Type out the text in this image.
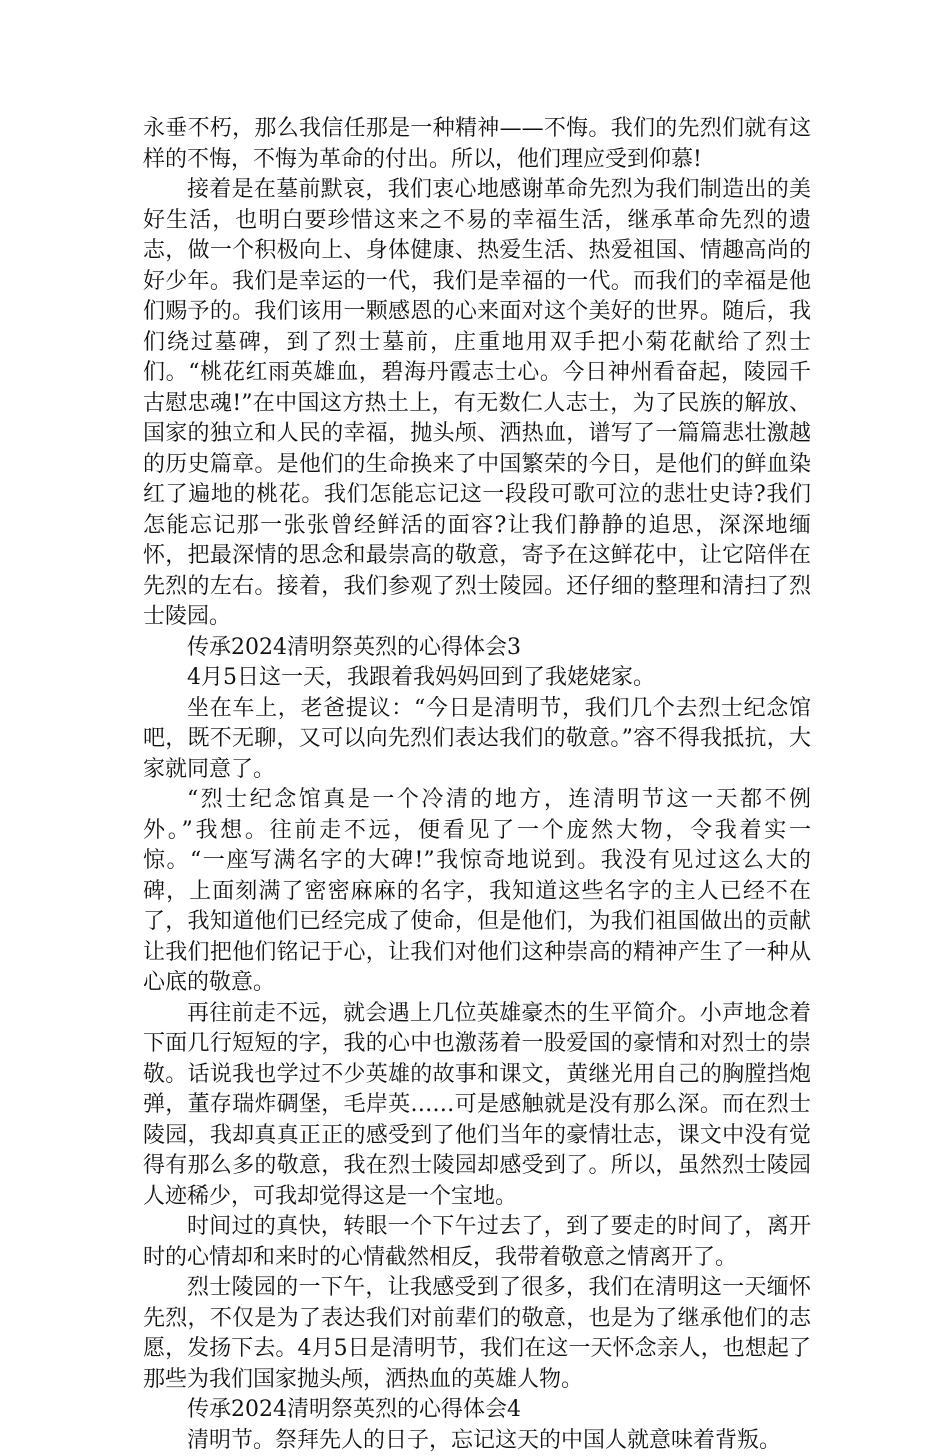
永垂不朽，那么我信任那是一种精神——不悔。我们的先烈们就有这样的不悔，不悔为革命的付出。所以，他们理应受到仰慕!

接着是在墓前默哀，我们衷心地感谢革命先烈为我们制造出的美好生活，也明白要珍惜这来之不易的幸福生活，继承革命先烈的遗志，做一个积极向上、身体健康、热爱生活、热爱祖国、情趣高尚的好少年。我们是幸运的一代，我们是幸福的一代。而我们的幸福是他们赐予的。我们该用一颗感恩的心来面对这个美好的世界。随后，我们绕过墓碑，到了烈士墓前，庄重地用双手把小菊花献给了烈士们。“桃花红雨英雄血，碧海丹霞志士心。今日神州看奋起，陵园千古慰忠魂!”在中国这方热土上，有无数仁人志士，为了民族的解放、国家的独立和人民的幸福，抛头颅、洒热血，谱写了一篇篇悲壮激越的历史篇章。是他们的生命换来了中国繁荣的今日，是他们的鲜血染红了遍地的桃花。我们怎能忘记这一段段可歌可泣的悲壮史诗?我们怎能忘记那一张张曾经鲜活的面容?让我们静静的追思，深深地缅怀，把最深情的思念和最崇高的敬意，寄予在这鲜花中，让它陪伴在先烈的左右。接着，我们参观了烈士陵园。还仔细的整理和清扫了烈士陵园。

传承2024清明祭英烈的心得体会3

4月5日这一天，我跟着我妈妈回到了我姥姥家。

坐在车上，老爸提议：“今日是清明节，我们几个去烈士纪念馆吧，既不无聊，又可以向先烈们表达我们的敬意。”容不得我抵抗，大家就同意了。

“烈士纪念馆真是一个冷清的地方，连清明节这一天都不例外。”我想。往前走不远，便看见了一个庞然大物，令我着实一惊。“一座写满名字的大碑!”我惊奇地说到。我没有见过这么大的碑，上面刻满了密密麻麻的名字，我知道这些名字的主人已经不在了，我知道他们已经完成了使命，但是他们，为我们祖国做出的贡献让我们把他们铭记于心，让我们对他们这种崇高的精神产生了一种从心底的敬意。

再往前走不远，就会遇上几位英雄豪杰的生平简介。小声地念着下面几行短短的字，我的心中也激荡着一股爱国的豪情和对烈士的崇敬。话说我也学过不少英雄的故事和课文，黄继光用自己的胸膛挡炮弹，董存瑞炸碉堡，毛岸英……可是感触就是没有那么深。而在烈士陵园，我却真真正正的感受到了他们当年的豪情壮志，课文中没有觉得有那么多的敬意，我在烈士陵园却感受到了。所以，虽然烈士陵园人迹稀少，可我却觉得这是一个宝地。

时间过的真快，转眼一个下午过去了，到了要走的时间了，离开时的心情却和来时的心情截然相反，我带着敬意之情离开了。

烈士陵园的一下午，让我感受到了很多，我们在清明这一天缅怀先烈，不仅是为了表达我们对前辈们的敬意，也是为了继承他们的志愿，发扬下去。4月5日是清明节，我们在这一天怀念亲人，也想起了那些为我们国家抛头颅，洒热血的英雄人物。

传承2024清明祭英烈的心得体会4

清明节。祭拜先人的日子，忘记这天的中国人就意味着背叛。
